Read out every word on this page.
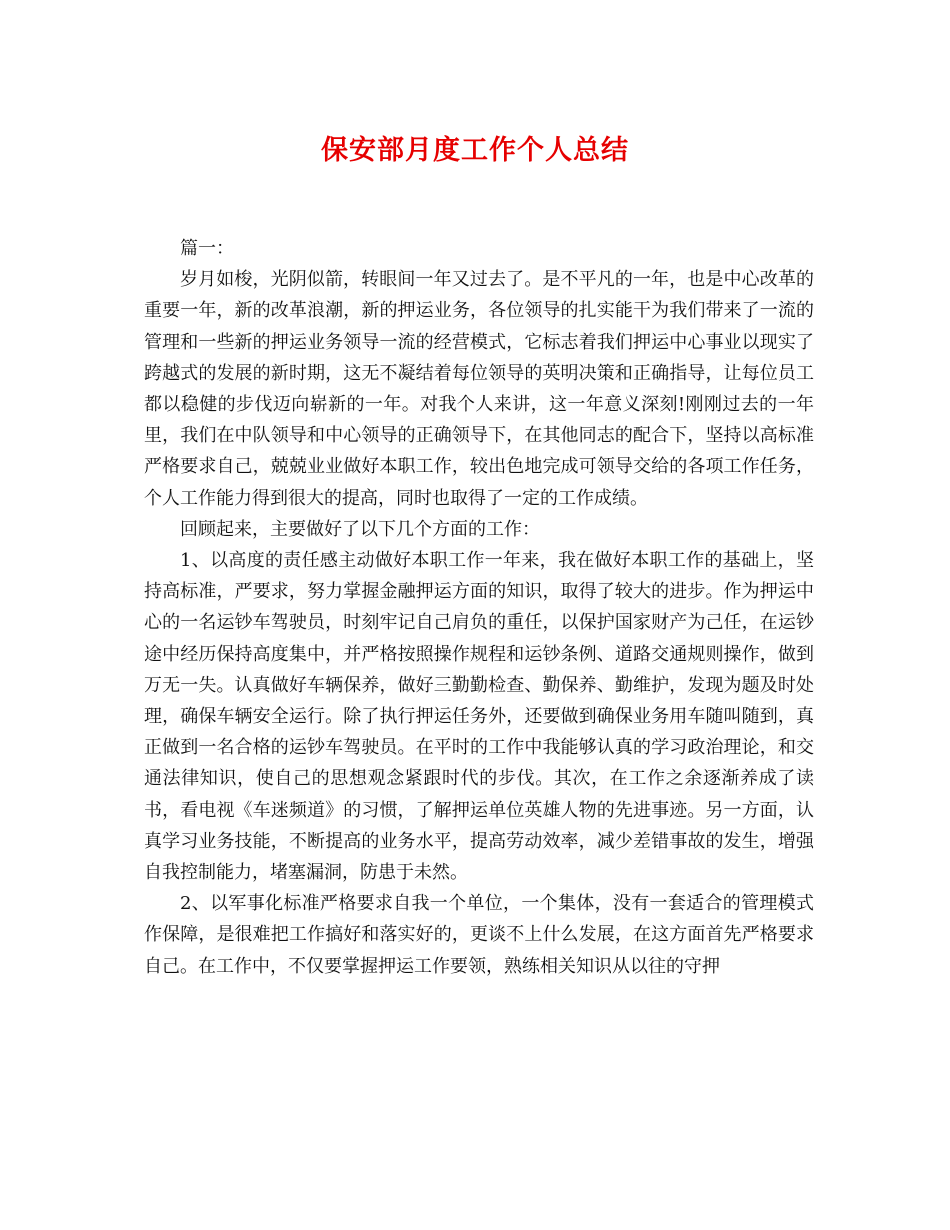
保安部月度工作个人总结

篇一：

岁月如梭，光阴似箭，转眼间一年又过去了。是不平凡的一年，也是中心改革的重要一年，新的改革浪潮，新的押运业务，各位领导的扎实能干为我们带来了一流的管理和一些新的押运业务领导一流的经营模式，它标志着我们押运中心事业以现实了跨越式的发展的新时期，这无不凝结着每位领导的英明决策和正确指导，让每位员工都以稳健的步伐迈向崭新的一年。对我个人来讲，这一年意义深刻!刚刚过去的一年里，我们在中队领导和中心领导的正确领导下，在其他同志的配合下，坚持以高标准严格要求自己，兢兢业业做好本职工作，较出色地完成可领导交给的各项工作任务，个人工作能力得到很大的提高，同时也取得了一定的工作成绩。

回顾起来，主要做好了以下几个方面的工作：

1、以高度的责任感主动做好本职工作一年来，我在做好本职工作的基础上，坚持高标准，严要求，努力掌握金融押运方面的知识，取得了较大的进步。作为押运中心的一名运钞车驾驶员，时刻牢记自己肩负的重任，以保护国家财产为己任，在运钞途中经历保持高度集中，并严格按照操作规程和运钞条例、道路交通规则操作，做到万无一失。认真做好车辆保养，做好三勤勤检查、勤保养、勤维护，发现为题及时处理，确保车辆安全运行。除了执行押运任务外，还要做到确保业务用车随叫随到，真正做到一名合格的运钞车驾驶员。在平时的工作中我能够认真的学习政治理论，和交通法律知识，使自己的思想观念紧跟时代的步伐。其次，在工作之余逐渐养成了读书，看电视《车迷频道》的习惯，了解押运单位英雄人物的先进事迹。另一方面，认真学习业务技能，不断提高的业务水平，提高劳动效率，减少差错事故的发生，增强自我控制能力，堵塞漏洞，防患于未然。

2、以军事化标准严格要求自我一个单位，一个集体，没有一套适合的管理模式作保障，是很难把工作搞好和落实好的，更谈不上什么发展，在这方面首先严格要求自己。在工作中，不仅要掌握押运工作要领，熟练相关知识从以往的守押
